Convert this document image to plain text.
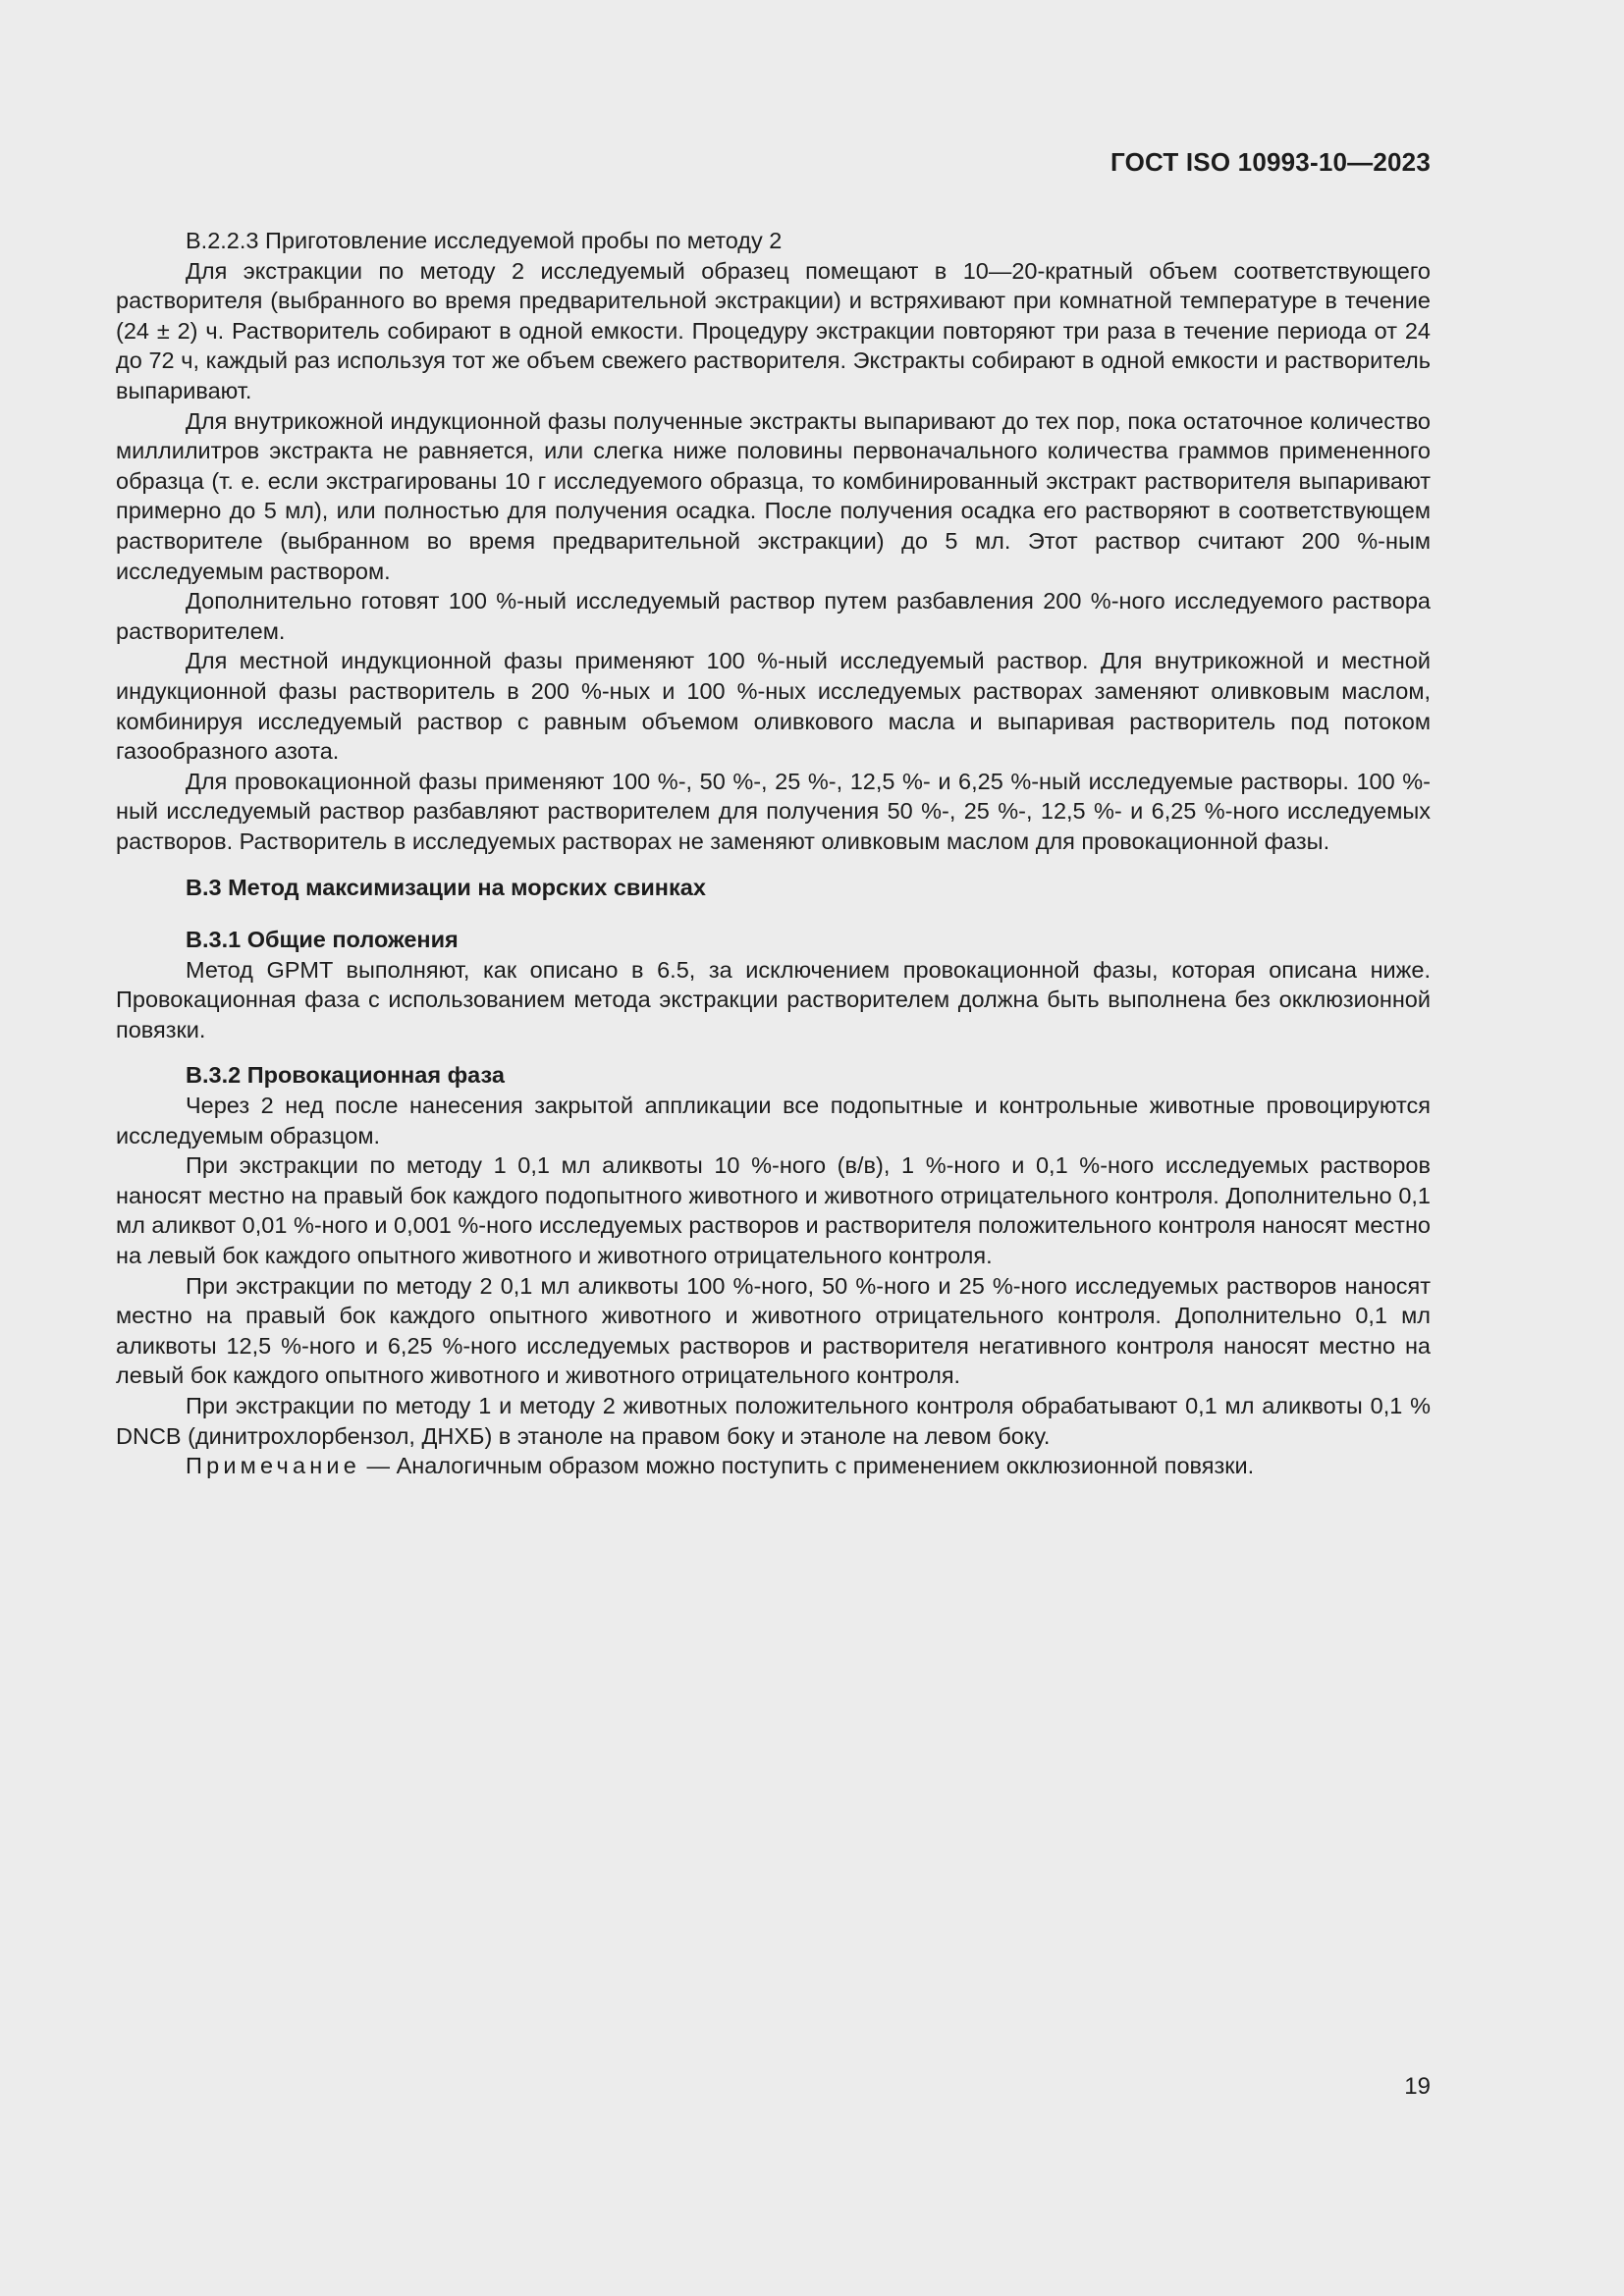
ГОСТ ISO 10993-10—2023

В.2.2.3 Приготовление исследуемой пробы по методу 2

Для экстракции по методу 2 исследуемый образец помещают в 10—20-кратный объем соответствующего растворителя (выбранного во время предварительной экстракции) и встряхивают при комнатной температуре в течение (24 ± 2) ч. Растворитель собирают в одной емкости. Процедуру экстракции повторяют три раза в течение периода от 24 до 72 ч, каждый раз используя тот же объем свежего растворителя. Экстракты собирают в одной емкости и растворитель выпаривают.

Для внутрикожной индукционной фазы полученные экстракты выпаривают до тех пор, пока остаточное количество миллилитров экстракта не равняется, или слегка ниже половины первоначального количества граммов примененного образца (т. е. если экстрагированы 10 г исследуемого образца, то комбинированный экстракт растворителя выпаривают примерно до 5 мл), или полностью для получения осадка. После получения осадка его растворяют в соответствующем растворителе (выбранном во время предварительной экстракции) до 5 мл. Этот раствор считают 200 %-ным исследуемым раствором.

Дополнительно готовят 100 %-ный исследуемый раствор путем разбавления 200 %-ного исследуемого раствора растворителем.

Для местной индукционной фазы применяют 100 %-ный исследуемый раствор. Для внутрикожной и местной индукционной фазы растворитель в 200 %-ных и 100 %-ных исследуемых растворах заменяют оливковым маслом, комбинируя исследуемый раствор с равным объемом оливкового масла и выпаривая растворитель под потоком газообразного азота.

Для провокационной фазы применяют 100 %-, 50 %-, 25 %-, 12,5 %- и 6,25 %-ный исследуемые растворы. 100 %-ный исследуемый раствор разбавляют растворителем для получения 50 %-, 25 %-, 12,5 %- и 6,25 %-ного исследуемых растворов. Растворитель в исследуемых растворах не заменяют оливковым маслом для провокационной фазы.

В.3 Метод максимизации на морских свинках

В.3.1 Общие положения

Метод GPMT выполняют, как описано в 6.5, за исключением провокационной фазы, которая описана ниже. Провокационная фаза с использованием метода экстракции растворителем должна быть выполнена без окклюзионной повязки.

В.3.2 Провокационная фаза

Через 2 нед после нанесения закрытой аппликации все подопытные и контрольные животные провоцируются исследуемым образцом.

При экстракции по методу 1 0,1 мл аликвоты 10 %-ного (в/в), 1 %-ного и 0,1 %-ного исследуемых растворов наносят местно на правый бок каждого подопытного животного и животного отрицательного контроля. Дополнительно 0,1 мл аликвот 0,01 %-ного и 0,001 %-ного исследуемых растворов и растворителя положительного контроля наносят местно на левый бок каждого опытного животного и животного отрицательного контроля.

При экстракции по методу 2 0,1 мл аликвоты 100 %-ного, 50 %-ного и 25 %-ного исследуемых растворов наносят местно на правый бок каждого опытного животного и животного отрицательного контроля. Дополнительно 0,1 мл аликвоты 12,5 %-ного и 6,25 %-ного исследуемых растворов и растворителя негативного контроля наносят местно на левый бок каждого опытного животного и животного отрицательного контроля.

При экстракции по методу 1 и методу 2 животных положительного контроля обрабатывают 0,1 мл аликвоты 0,1 % DNCB (динитрохлорбензол, ДНХБ) в этаноле на правом боку и этаноле на левом боку.

Примечание — Аналогичным образом можно поступить с применением окклюзионной повязки.

19
